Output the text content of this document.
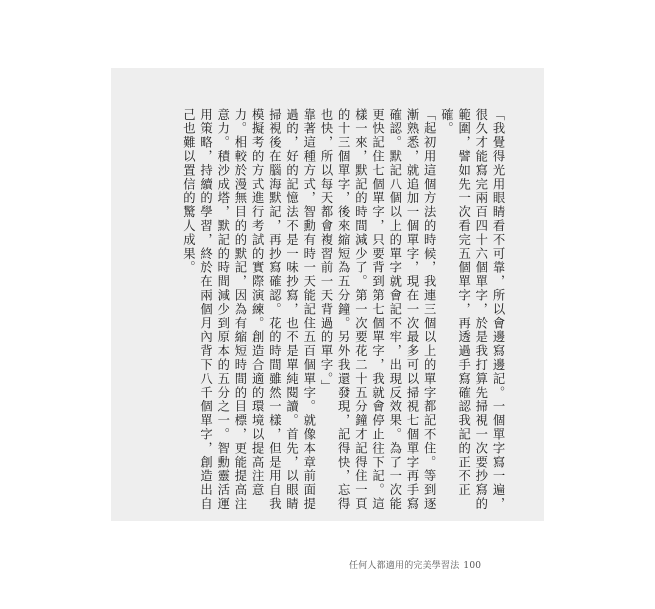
「我覺得光用眼睛看不可靠，所以會邊寫邊記。一個單字寫一遍，很久才能寫完兩百四十六個單字，於是我打算先掃視一次要抄寫的範圍，譬如先一次看完五個單字，再透過手寫確認我記的正不正確。

「起初用這個方法的時候，我連三個以上的單字都記不住。等到逐漸熟悉，就追加一個單字，現在一次最多可以掃視七個單字再手寫確認。默記八個以上的單字就會記不牢，出現反效果。為了一次能更快記住七個單字，只要背到第七個單字，我就會停止往下記。這樣一來，默記的時間減少了。第一次要花二十五分鐘才記得住一頁的十三個單字，後來縮短為五分鐘。另外我還發現，記得快，忘得也快，所以每天都會複習前一天背過的單字。」

靠著這種方式，智勳有時一天能記住五百個單字。就像本章前面提過的，好的記憶法不是一味抄寫，也不是單純閱讀。首先，以眼睛掃視後在腦海默記，再抄寫確認。花的時間雖然一樣，但是用自我模擬考的方式進行考試的實際演練。創造合適的環境以提高注意力。相較於漫無目的的默記，因為有縮短時間的目標，更能提高注意力。積沙成塔，默記的時間減少到原本的五分之一。智勳靈活運用策略，持續的學習，終於在兩個月內背下八千個單字，創造出自己也難以置信的驚人成果。

任何人都適用的完美學習法 100
